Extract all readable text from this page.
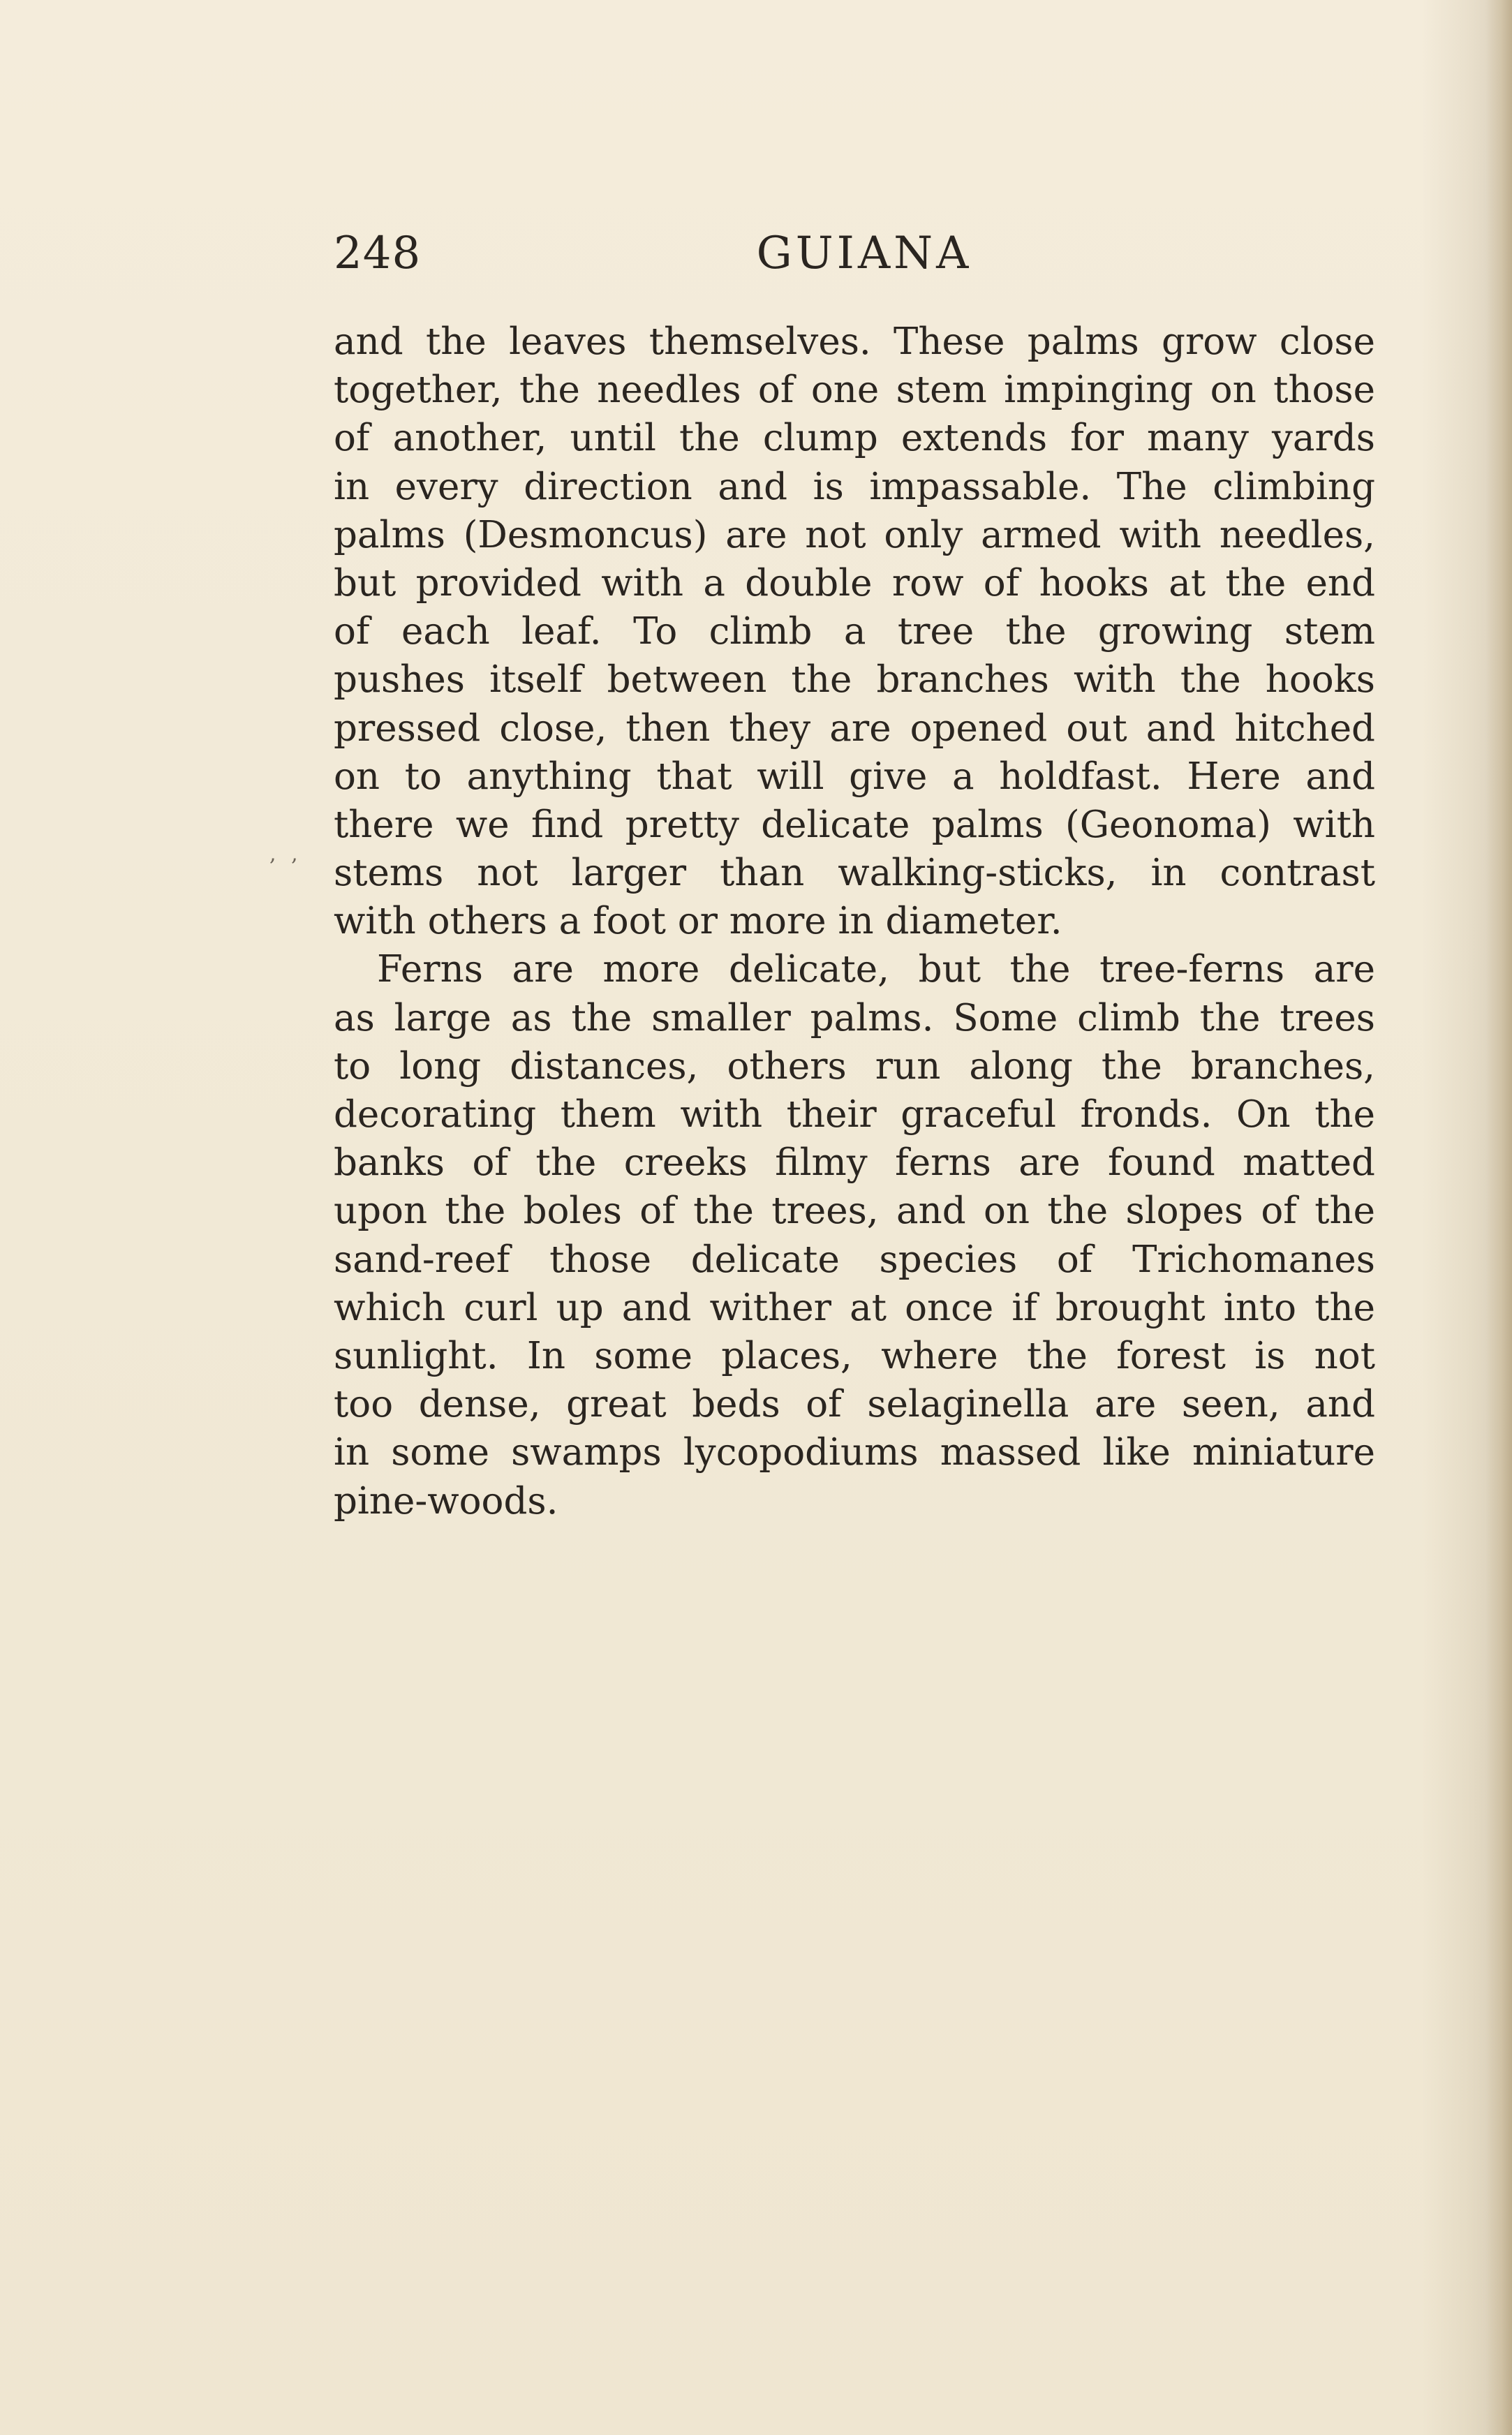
248	GUIANA
, ,
and the leaves themselves. These palms grow close
together, the needles of one stem impinging on those
of another, until the clump extends for many yards
in every direction and is impassable. The climbing
palms (Desmoncus) are not only armed with needles,
but provided with a double row of hooks at the end
of each leaf. To climb a tree the growing stem
pushes itself between the branches with the hooks
pressed close, then they are opened out and hitched
on to anything that will give a holdfast. Here and
there we find pretty delicate palms (Geonoma) with
stems not larger than walking-sticks, in contrast
with others a foot or more in diameter.
Ferns are more delicate, but the tree-ferns are
as large as the smaller palms. Some climb the trees
to long distances, others run along the branches,
decorating them with their graceful fronds. On the
banks of the creeks filmy ferns are found matted
upon the boles of the trees, and on the slopes of the
sand-reef those delicate species of Trichomanes
which curl up and wither at once if brought into the
sunlight. In some places, where the forest is not
too dense, great beds of selaginella are seen, and
in some swamps lycopodiums massed like miniature
pine-woods.
